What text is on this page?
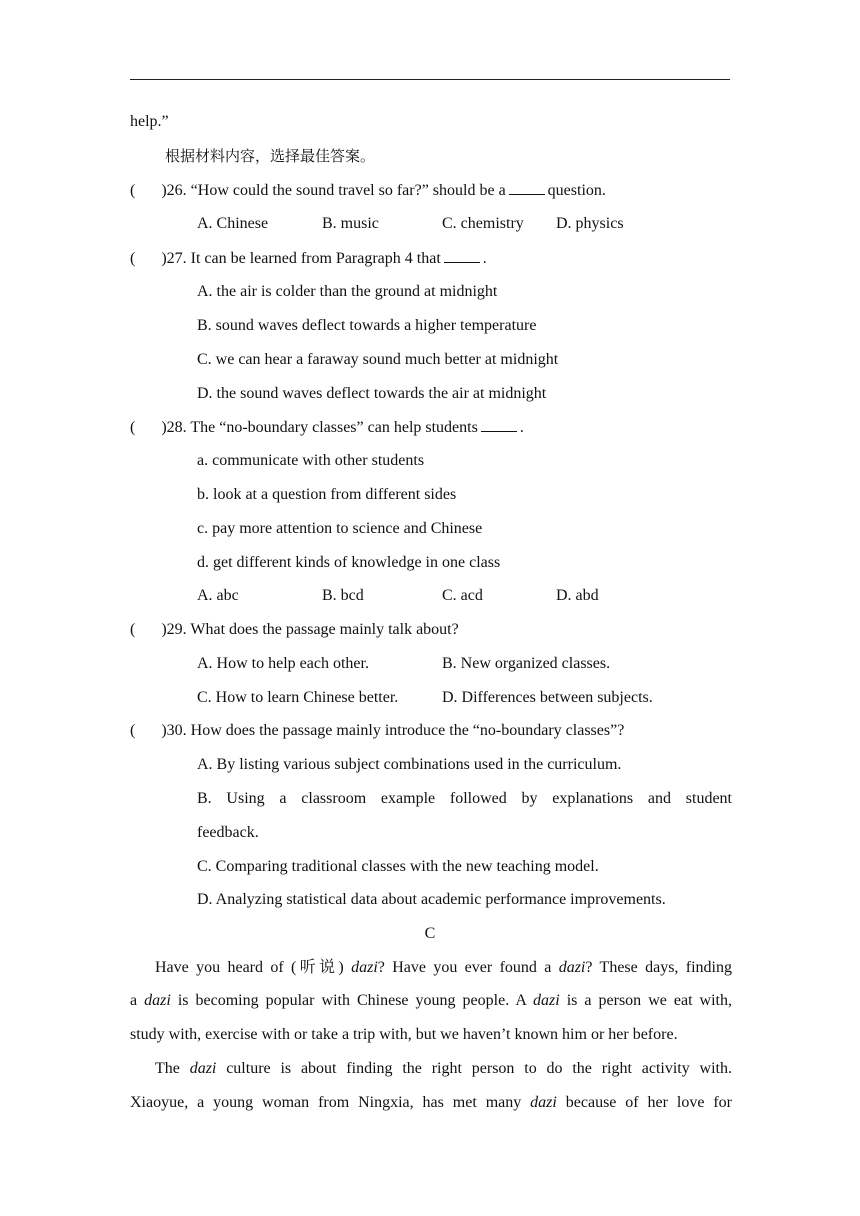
help.”
根据材料内容，选择最佳答案。
( )26. “How could the sound travel so far?” should be a	question.
A. Chinese	B. music	C. chemistry D. physics
( )27. It can be learned from Paragraph 4 that	.
A. the air is colder than the ground at midnight
B. sound waves deflect towards a higher temperature
C. we can hear a faraway sound much better at midnight
D. the sound waves deflect towards the air at midnight
( )28. The “no-boundary classes” can help students	.
a. communicate with other students
b. look at a question from different sides
c. pay more attention to science and Chinese
d. get different kinds of knowledge in one class
A. abc	B. bcd	C. acd	D. abd
( )29. What does the passage mainly talk about?
A. How to help each other.	B. New organized classes.
C. How to learn Chinese better.	D. Differences between subjects.
( )30. How does the passage mainly introduce the “no-boundary classes”?
A. By listing various subject combinations used in the curriculum.
B. Using a classroom example followed by explanations and student
feedback.
C. Comparing traditional classes with the new teaching model.
D. Analyzing statistical data about academic performance improvements.
C
Have you heard of (听说) dazi? Have you ever found a dazi? These days, finding
a dazi is becoming popular with Chinese young people. A dazi is a person we eat with,
study with, exercise with or take a trip with, but we haven’t known him or her before.
The dazi culture is about finding the right person to do the right activity with.
Xiaoyue, a young woman from Ningxia, has met many dazi because of her love for
